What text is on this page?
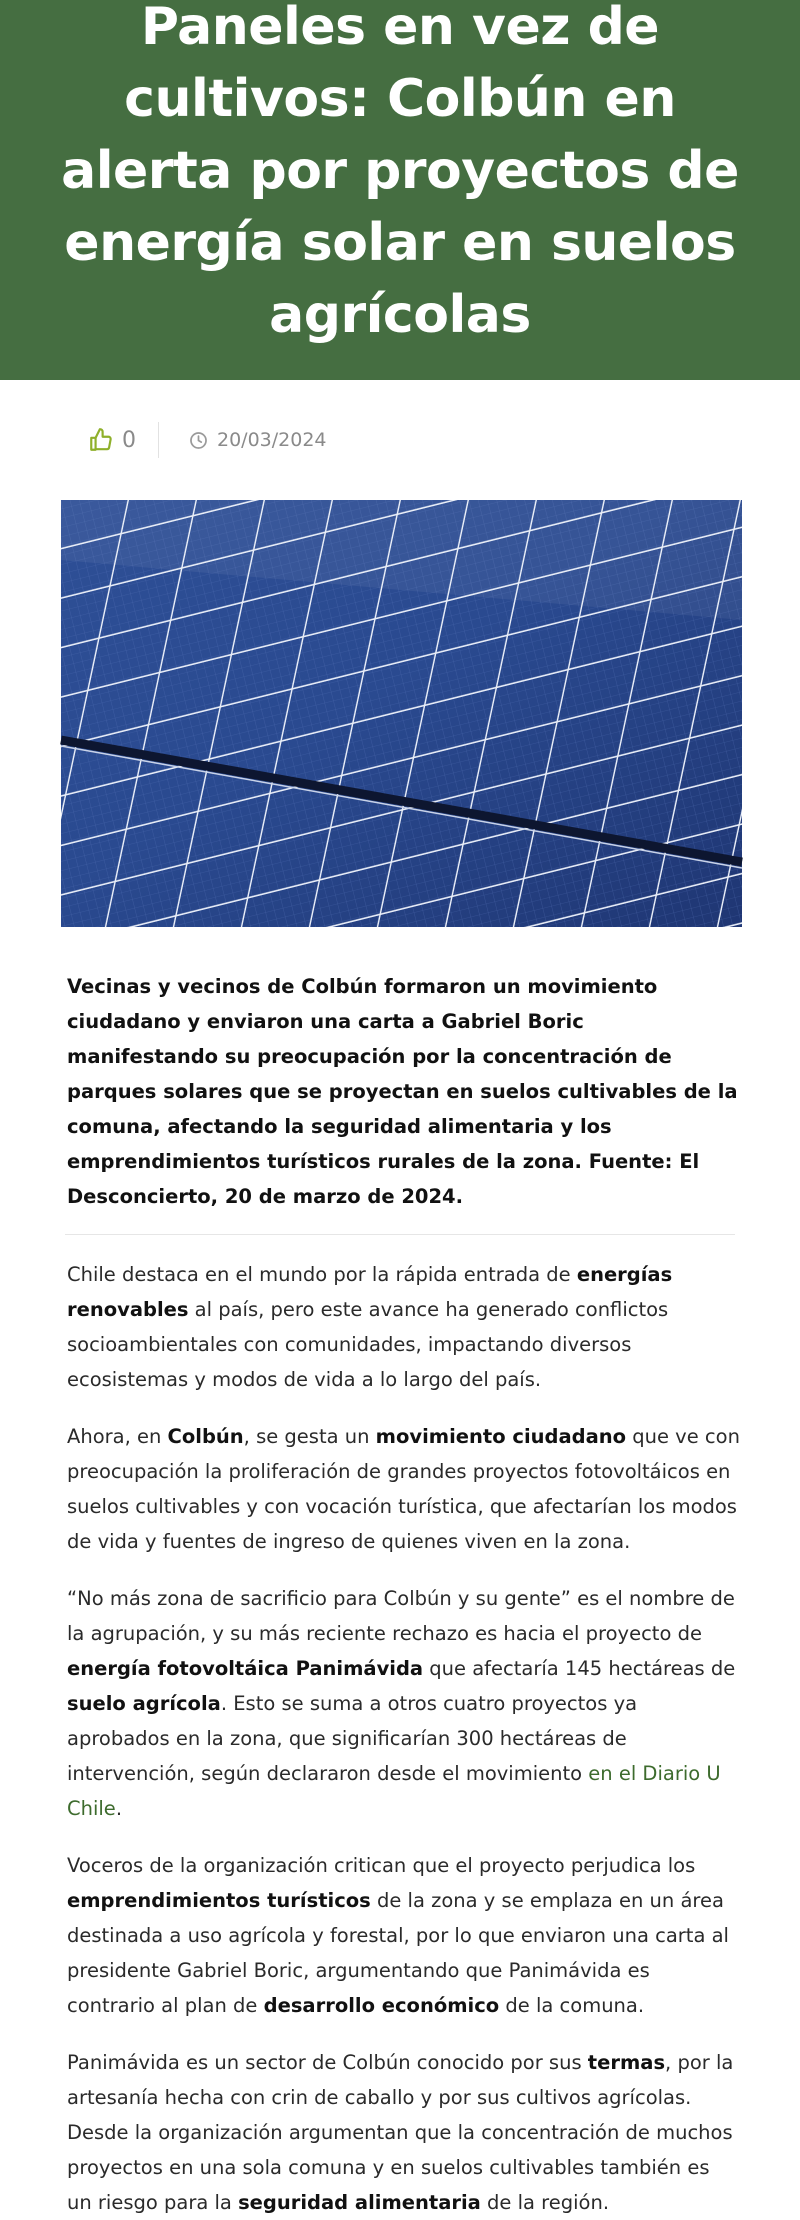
Paneles en vez de cultivos: Colbún en alerta por proyectos de energía solar en suelos agrícolas
0	20/03/2024

Vecinas y vecinos de Colbún formaron un movimiento ciudadano y enviaron una carta a Gabriel Boric manifestando su preocupación por la concentración de parques solares que se proyectan en suelos cultivables de la comuna, afectando la seguridad alimentaria y los emprendimientos turísticos rurales de la zona. Fuente: El Desconcierto, 20 de marzo de 2024.

Chile destaca en el mundo por la rápida entrada de energías renovables al país, pero este avance ha generado conflictos socioambientales con comunidades, impactando diversos ecosistemas y modos de vida a lo largo del país.

Ahora, en Colbún, se gesta un movimiento ciudadano que ve con preocupación la proliferación de grandes proyectos fotovoltáicos en suelos cultivables y con vocación turística, que afectarían los modos de vida y fuentes de ingreso de quienes viven en la zona.

“No más zona de sacrificio para Colbún y su gente” es el nombre de la agrupación, y su más reciente rechazo es hacia el proyecto de energía fotovoltáica Panimávida que afectaría 145 hectáreas de suelo agrícola. Esto se suma a otros cuatro proyectos ya aprobados en la zona, que significarían 300 hectáreas de intervención, según declararon desde el movimiento en el Diario U Chile.

Voceros de la organización critican que el proyecto perjudica los emprendimientos turísticos de la zona y se emplaza en un área destinada a uso agrícola y forestal, por lo que enviaron una carta al presidente Gabriel Boric, argumentando que Panimávida es contrario al plan de desarrollo económico de la comuna.

Panimávida es un sector de Colbún conocido por sus termas, por la artesanía hecha con crin de caballo y por sus cultivos agrícolas. Desde la organización argumentan que la concentración de muchos proyectos en una sola comuna y en suelos cultivables también es un riesgo para la seguridad alimentaria de la región.
